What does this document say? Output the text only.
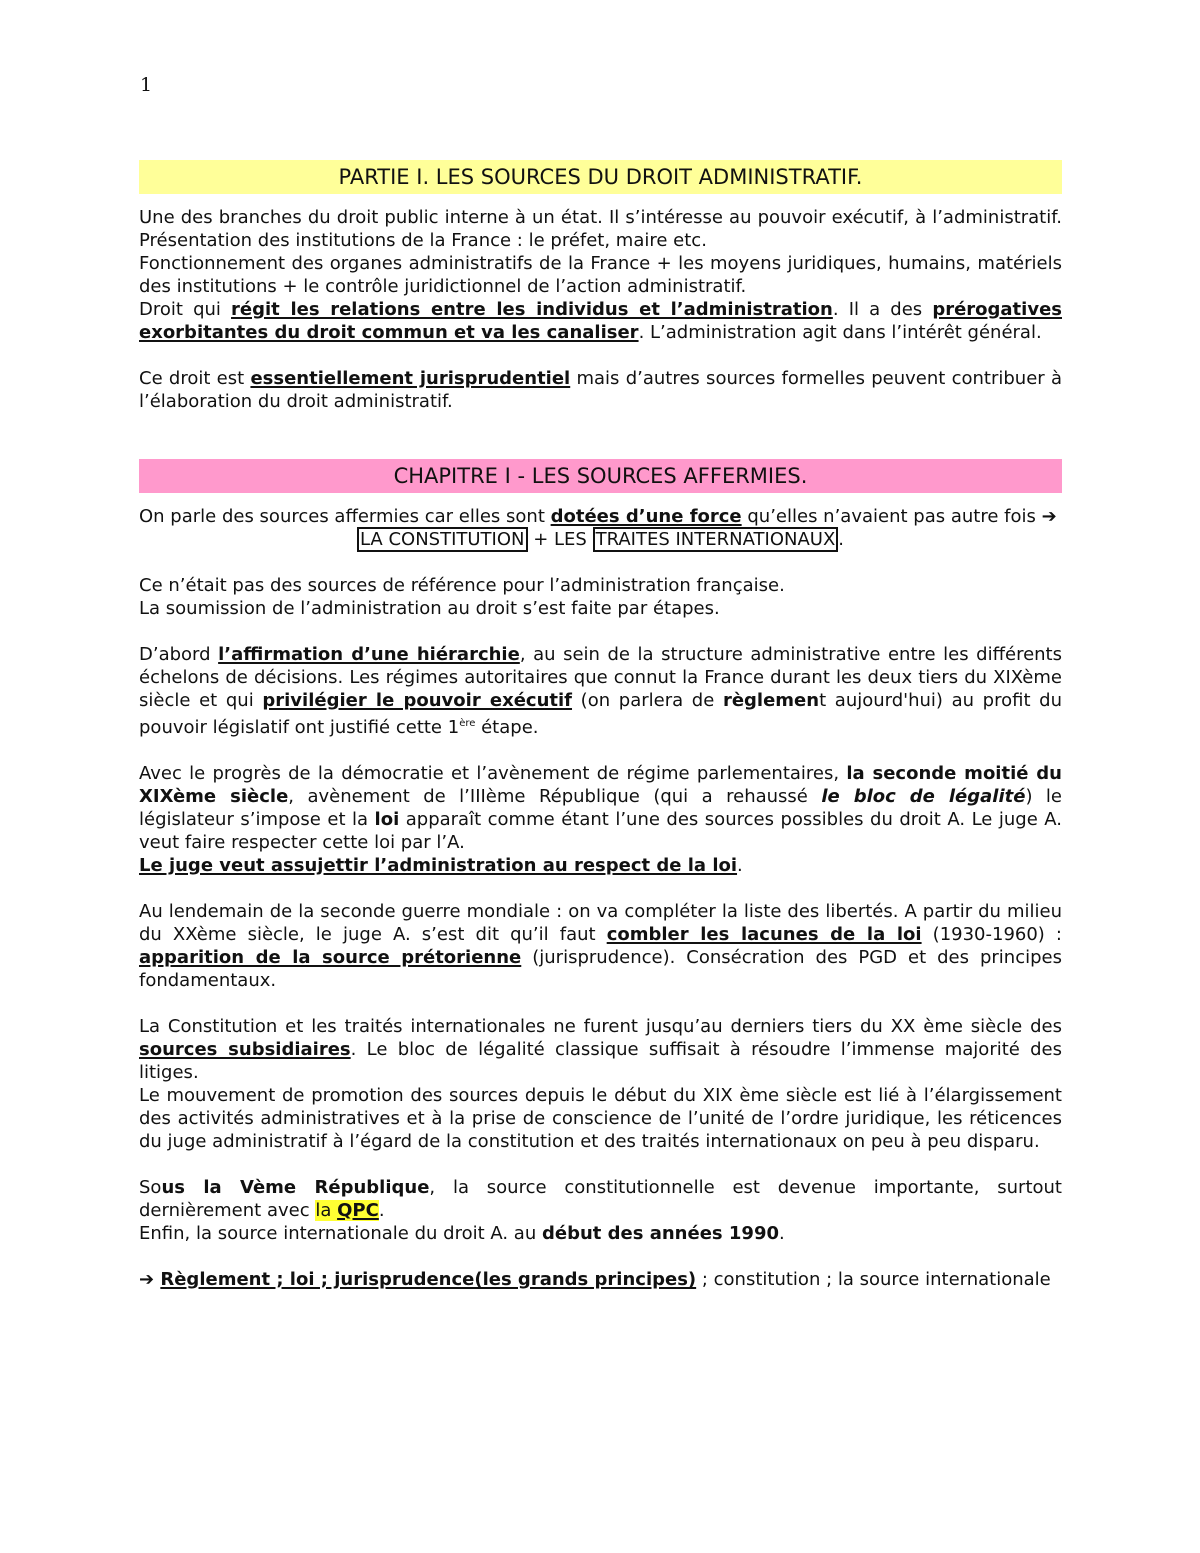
1
PARTIE I. LES SOURCES DU DROIT ADMINISTRATIF.

Une des branches du droit public interne à un état. Il s’intéresse au pouvoir exécutif, à l’administratif. Présentation des institutions de la France : le préfet, maire etc.

Fonctionnement des organes administratifs de la France + les moyens juridiques, humains, matériels des institutions + le contrôle juridictionnel de l’action administratif.

Droit qui régit les relations entre les individus et l’administration. Il a des prérogatives exorbitantes du droit commun et va les canaliser. L’administration agit dans l’intérêt général.

Ce droit est essentiellement jurisprudentiel mais d’autres sources formelles peuvent contribuer à l’élaboration du droit administratif.

CHAPITRE I - LES SOURCES AFFERMIES.

On parle des sources affermies car elles sont dotées d’une force qu’elles n’avaient pas autre fois ➔

LA CONSTITUTION + LES TRAITES INTERNATIONAUX .

Ce n’était pas des sources de référence pour l’administration française.

La soumission de l’administration au droit s’est faite par étapes.

D’abord l’affirmation d’une hiérarchie, au sein de la structure administrative entre les différents échelons de décisions. Les régimes autoritaires que connut la France durant les deux tiers du XIXème siècle et qui privilégier le pouvoir exécutif (on parlera de règlement aujourd'hui) au profit du pouvoir législatif ont justifié cette 1ère étape.

Avec le progrès de la démocratie et l’avènement de régime parlementaires, la seconde moitié du XIXème siècle, avènement de l’IIIème République (qui a rehaussé le bloc de légalité) le législateur s’impose et la loi apparaît comme étant l’une des sources possibles du droit A. Le juge A. veut faire respecter cette loi par l’A.

Le juge veut assujettir l’administration au respect de la loi.

Au lendemain de la seconde guerre mondiale : on va compléter la liste des libertés. A partir du milieu du XXème siècle, le juge A. s’est dit qu’il faut combler les lacunes de la loi (1930-1960) : apparition de la source prétorienne (jurisprudence). Consécration des PGD et des principes fondamentaux.

La Constitution et les traités internationales ne furent jusqu’au derniers tiers du XX ème siècle des sources subsidiaires. Le bloc de légalité classique suffisait à résoudre l’immense majorité des litiges.

Le mouvement de promotion des sources depuis le début du XIX ème siècle est lié à l’élargissement des activités administratives et à la prise de conscience de l’unité de l’ordre juridique, les réticences du juge administratif à l’égard de la constitution et des traités internationaux on peu à peu disparu.

Sous la Vème République, la source constitutionnelle est devenue importante, surtout dernièrement avec la QPC.

Enfin, la source internationale du droit A. au début des années 1990.

➔ Règlement ; loi ; jurisprudence(les grands principes) ; constitution ; la source internationale
